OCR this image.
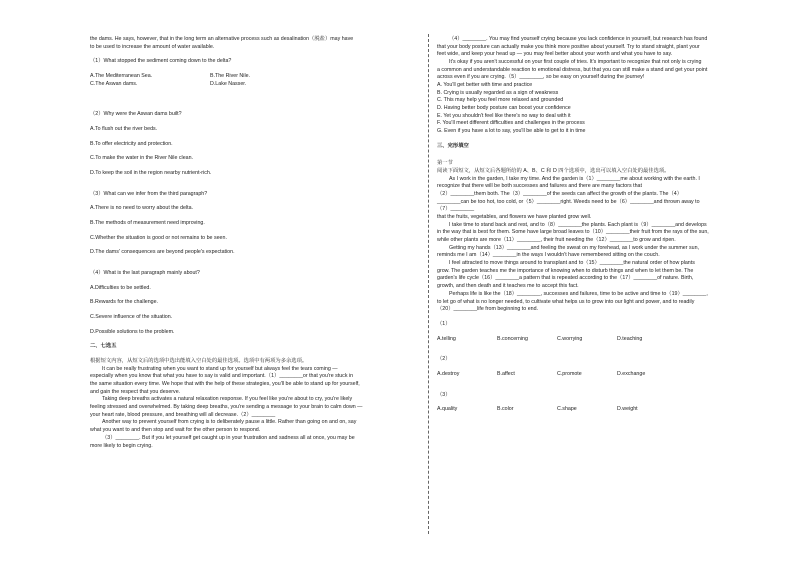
the dams. He says, however, that in the long term an alternative process such as desalination（脱盐）may have

to be used to increase the amount of water available.

（1）What stopped the sediment coming down to the delta?

A.The Mediterranean Sea.	B.The River Nile.
C.The Aswan dams.	D.Lake Nasser.

（2）Why were the Aswan dams built?

A.To flush out the river beds.

B.To offer electricity and protection.

C.To make the water in the River Nile clean.

D.To keep the soil in the region nearby nutrient-rich.

（3）What can we infer from the third paragraph?

A.There is no need to worry about the delta.

B.The methods of measurement need improving.

C.Whether the situation is good or not remains to be seen.

D.The dams' consequences are beyond people's expectation.

（4）What is the last paragraph mainly about?

A.Difficulties to be settled.

B.Rewards for the challenge.

C.Severe influence of the situation.

D.Possible solutions to the problem.

二、七选五

根据短文内容，从短文后的选项中选出能填入空白处的最佳选项。选项中有两项为多余选项。

It can be really frustrating when you want to stand up for yourself but always feel the tears coming —

especially when you know that what you have to say is valid and important.（1）________or that you're stuck in

the same situation every time. We hope that with the help of these strategies, you'll be able to stand up for yourself,

and gain the respect that you deserve.

Taking deep breaths activates a natural relaxation response. If you feel like you're about to cry, you're likely

feeling stressed and overwhelmed. By taking deep breaths, you're sending a message to your brain to calm down —

your heart rate, blood pressure, and breathing will all decrease.（2）________

Another way to prevent yourself from crying is to deliberately pause a little. Rather than going on and on, say

what you want to and then stop and wait for the other person to respond.

（3）________. But if you let yourself get caught up in your frustration and sadness all at once, you may be

more likely to begin crying.

（4）________. You may find yourself crying because you lack confidence in yourself, but research has found

that your body posture can actually make you think more positive about yourself. Try to stand straight, plant your

feet wide, and keep your head up — you may feel better about your worth and what you have to say.

It's okay if you aren't successful on your first couple of tries. It's important to recognize that not only is crying

a common and understandable reaction to emotional distress, but that you can still make a stand and get your point

across even if you are crying.（5）________, so be easy on yourself during the journey!

A. You'll get better with time and practice

B. Crying is usually regarded as a sign of weakness

C. This may help you feel more relaxed and grounded

D. Having better body posture can boost your confidence

E. Yet you shouldn't feel like there's no way to deal with it

F. You'll meet different difficulties and challenges in the process

G. Even if you have a lot to say, you'll be able to get to it in time

三、完形填空

第一节

阅读下面短文，从短文后各题所给的 A、B、C 和 D 四个选项中，选出可以填入空白处的最佳选项。

As I work in the garden, I take my time. And the garden is（1）________me about working with the earth. I

recognize that there will be both successes and failures and there are many factors that

（2）________them both. The（3）________of the seeds can affect the growth of the plants. The（4）

________can be too hot, too cold, or（5）________right. Weeds need to be（6）________and thrown away to

（7）________

that the fruits, vegetables, and flowers we have planted grow well.

I take time to stand back and rest, and to（8）________the plants. Each plant is（9）________and develops

in the way that is best for them. Some have large broad leaves to（10）________their fruit from the rays of the sun,

while other plants are more（11）________, their fruit needing the（12）________to grow and ripen.

Getting my hands（13）________and feeling the sweat on my forehead, as I work under the summer sun,

reminds me I am（14）________in the ways I wouldn't have remembered sitting on the couch.

I feel attracted to move things around to transplant and to（15）________the natural order of how plants

grow. The garden teaches me the importance of knowing when to disturb things and when to let them be. The

garden's life cycle（16）________a pattern that is repeated according to the（17）________of nature. Birth,

growth, and then death and it teaches me to accept this fact.

Perhaps life is like the（18）________, successes and failures, time to be active and time to（19）________,

to let go of what is no longer needed, to cultivate what helps us to grow into our light and power, and to readily

（20）________life from beginning to end.

（1）

A.telling	B.concerning	C.worrying	D.teaching

（2）

A.destroy	B.affect	C.promote	D.exchange

（3）

A.quality	B.color	C.shape	D.weight
